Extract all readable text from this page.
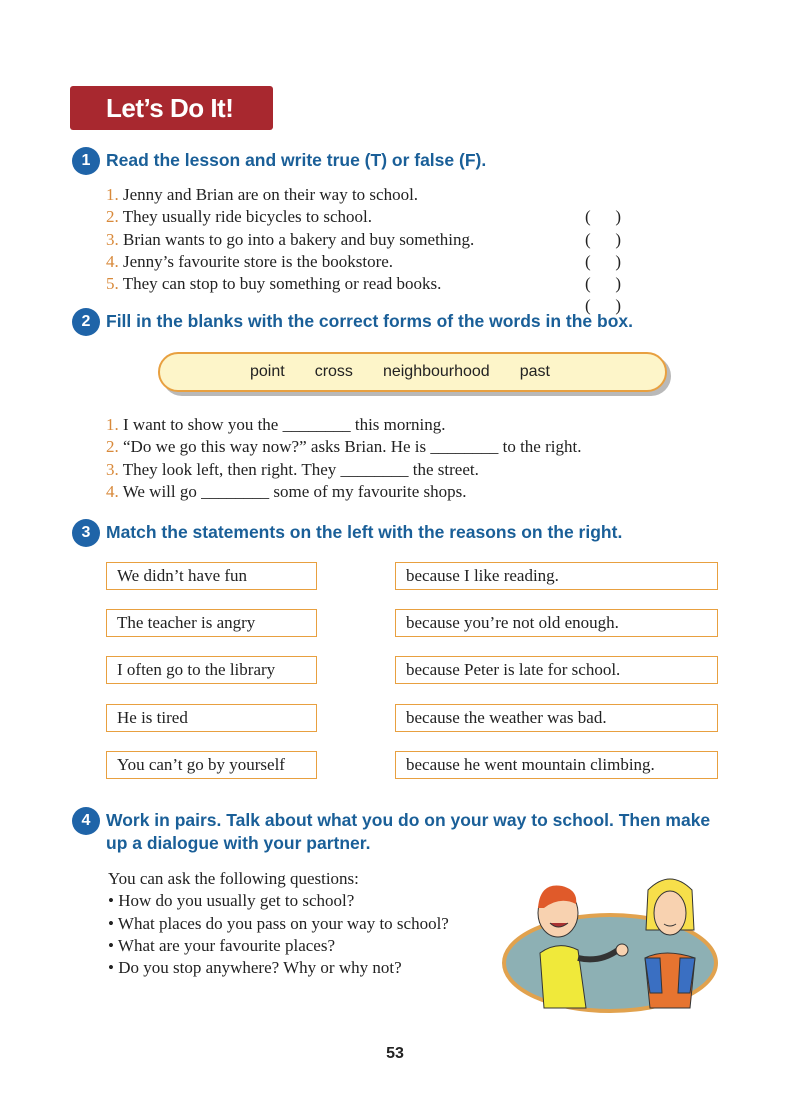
Let’s Do It!
1 Read the lesson and write true (T) or false (F).
1. Jenny and Brian are on their way to school.
( )
2. They usually ride bicycles to school.
( )
3. Brian wants to go into a bakery and buy something.
( )
4. Jenny’s favourite store is the bookstore.
( )
5. They can stop to buy something or read books.
( )
2 Fill in the blanks with the correct forms of the words in the box.
point cross neighbourhood past
1. I want to show you the ________ this morning.
2. “Do we go this way now?” asks Brian. He is ________ to the right.
3. They look left, then right. They ________ the street.
4. We will go ________ some of my favourite shops.
3 Match the statements on the left with the reasons on the right.
We didn’t have fun
The teacher is angry
I often go to the library
He is tired
You can’t go by yourself
because I like reading.
because you’re not old enough.
because Peter is late for school.
because the weather was bad.
because he went mountain climbing.
4 Work in pairs. Talk about what you do on your way to school. Then make up a dialogue with your partner.
You can ask the following questions:
• How do you usually get to school?
• What places do you pass on your way to school?
• What are your favourite places?
• Do you stop anywhere? Why or why not?
53
